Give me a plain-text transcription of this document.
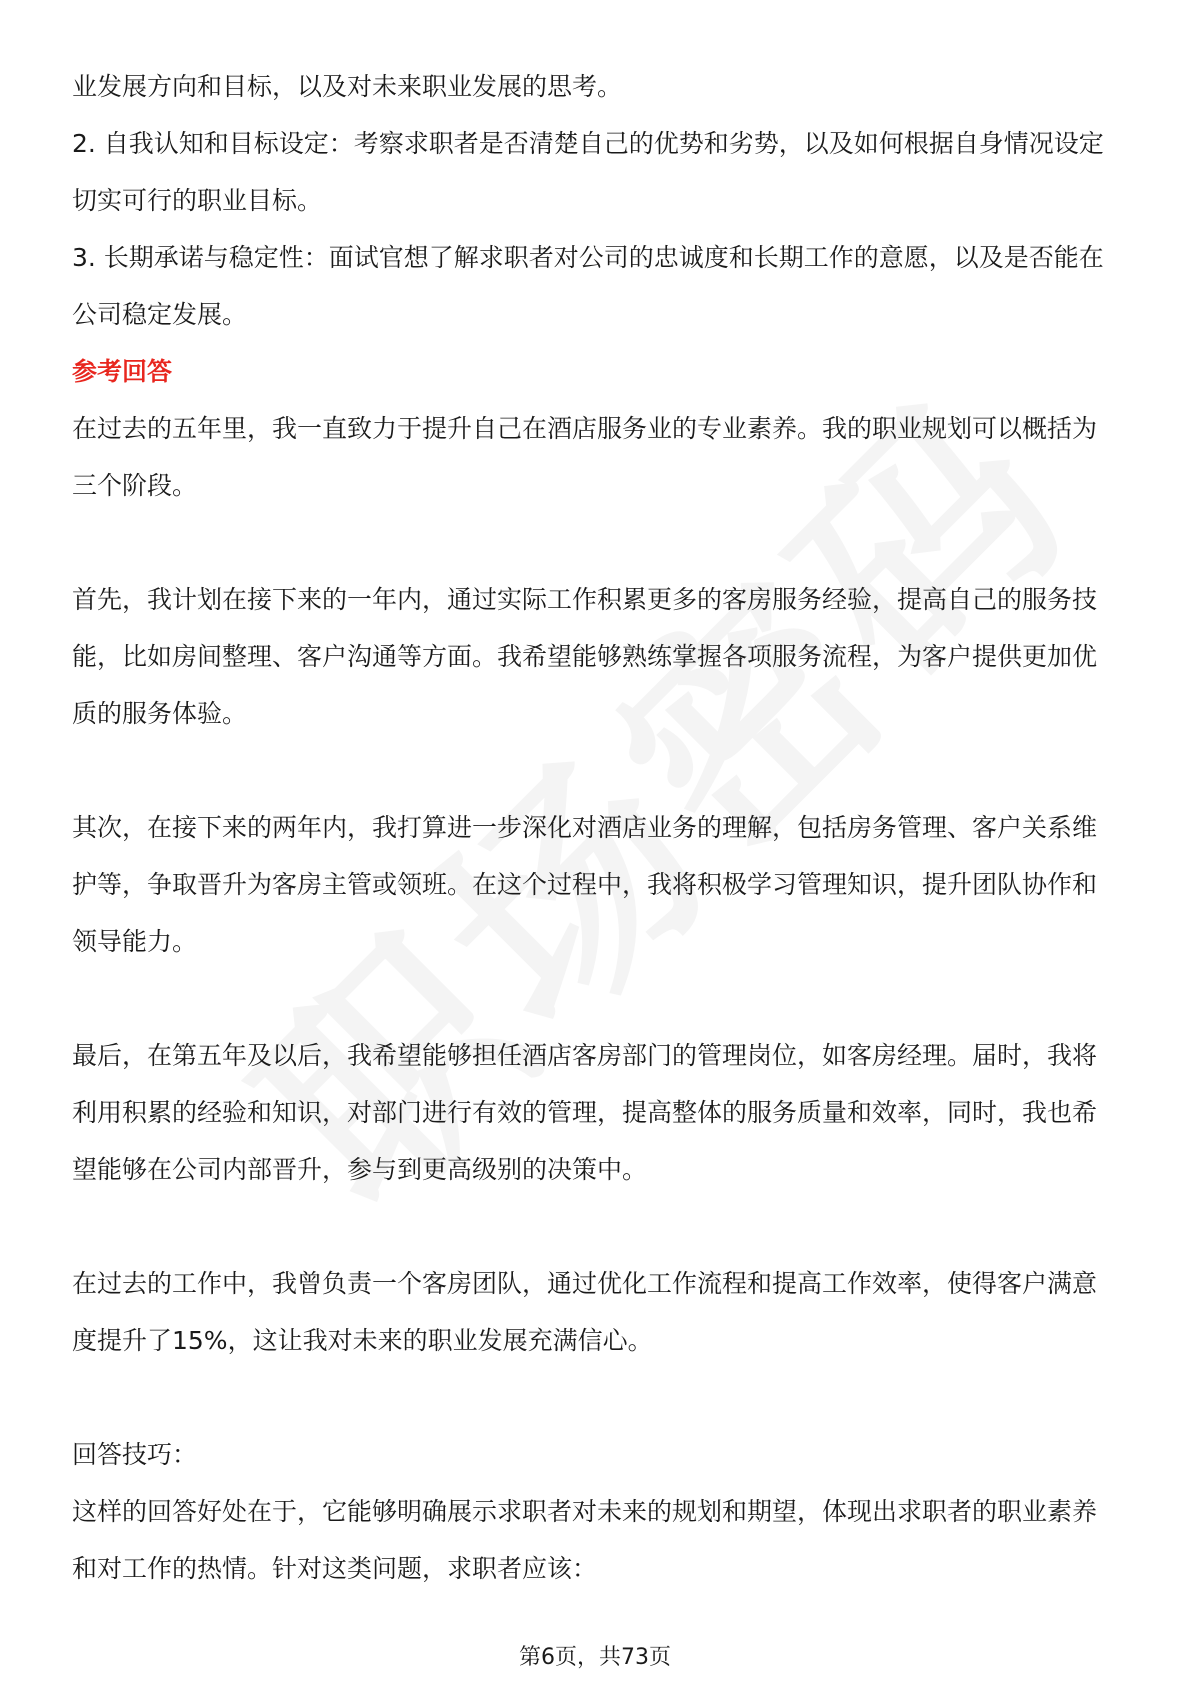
业发展方向和目标，以及对未来职业发展的思考。

2. 自我认知和目标设定：考察求职者是否清楚自己的优势和劣势，以及如何根据自身情况设定切实可行的职业目标。

3. 长期承诺与稳定性：面试官想了解求职者对公司的忠诚度和长期工作的意愿，以及是否能在公司稳定发展。

参考回答

在过去的五年里，我一直致力于提升自己在酒店服务业的专业素养。我的职业规划可以概括为三个阶段。

首先，我计划在接下来的一年内，通过实际工作积累更多的客房服务经验，提高自己的服务技能，比如房间整理、客户沟通等方面。我希望能够熟练掌握各项服务流程，为客户提供更加优质的服务体验。

其次，在接下来的两年内，我打算进一步深化对酒店业务的理解，包括房务管理、客户关系维护等，争取晋升为客房主管或领班。在这个过程中，我将积极学习管理知识，提升团队协作和领导能力。

最后，在第五年及以后，我希望能够担任酒店客房部门的管理岗位，如客房经理。届时，我将利用积累的经验和知识，对部门进行有效的管理，提高整体的服务质量和效率，同时，我也希望能够在公司内部晋升，参与到更高级别的决策中。

在过去的工作中，我曾负责一个客房团队，通过优化工作流程和提高工作效率，使得客户满意度提升了15%，这让我对未来的职业发展充满信心。

回答技巧：

这样的回答好处在于，它能够明确展示求职者对未来的规划和期望，体现出求职者的职业素养和对工作的热情。针对这类问题，求职者应该：

第6页，共73页
